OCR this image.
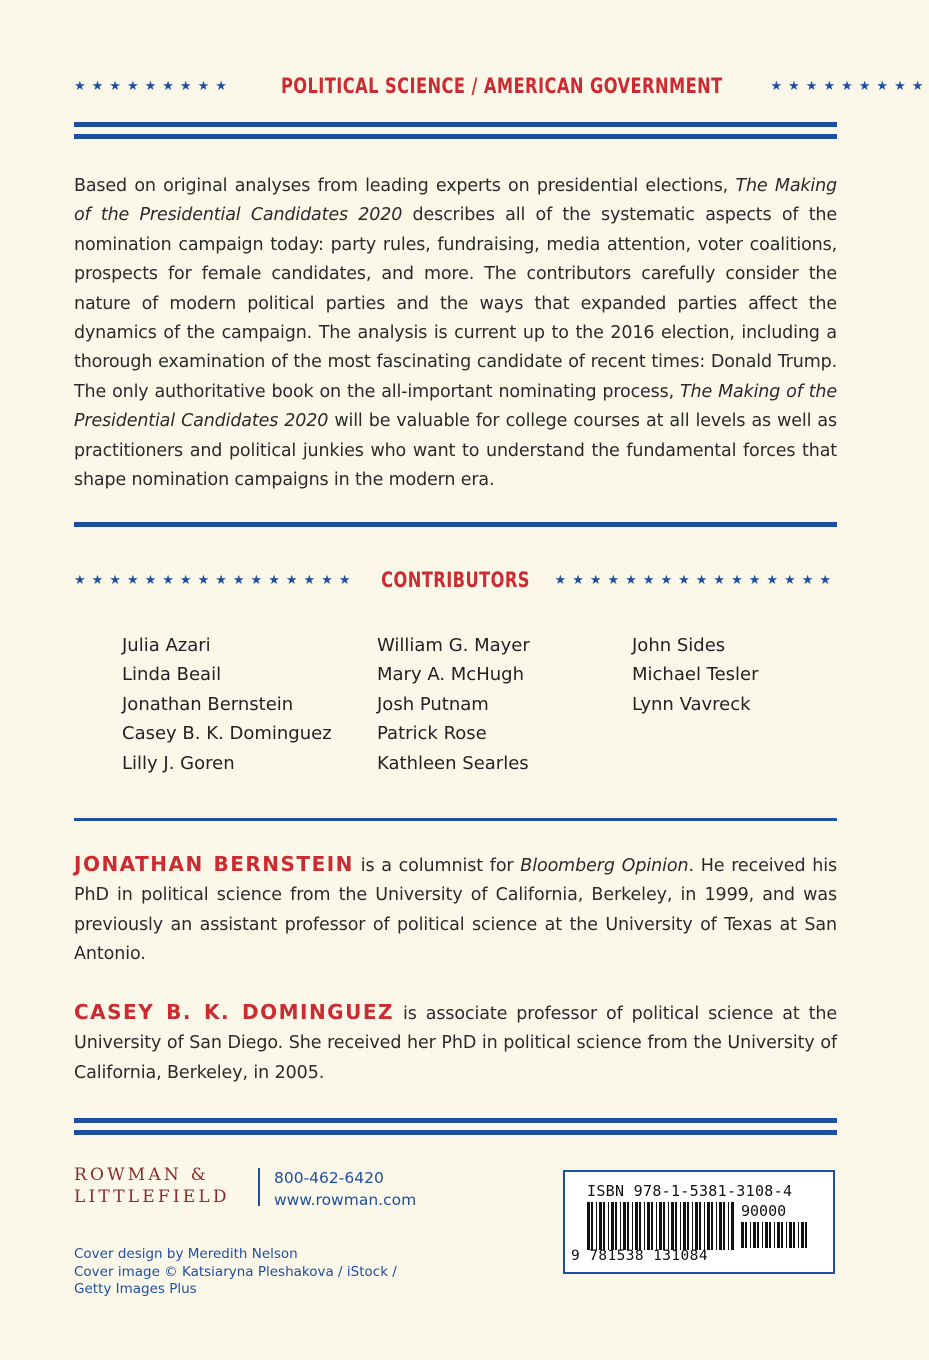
★★★★★★★★★	POLITICAL SCIENCE / AMERICAN GOVERNMENT	★★★★★★★★★
Based on original analyses from leading experts on presidential elections, The Making of the Presidential Candidates 2020 describes all of the systematic aspects of the nomination campaign today: party rules, fundraising, media attention, voter coalitions, prospects for female candidates, and more. The contributors carefully consider the nature of modern political parties and the ways that expanded parties affect the dynamics of the campaign. The analysis is current up to the 2016 election, including a thorough examination of the most fascinating candidate of recent times: Donald Trump. The only authoritative book on the all-important nominating process, The Making of the Presidential Candidates 2020 will be valuable for college courses at all levels as well as practitioners and political junkies who want to understand the fundamental forces that shape nomination campaigns in the modern era.
★★★★★★★★★★★★★★★★	CONTRIBUTORS	★★★★★★★★★★★★★★★★
Julia Azari
Linda Beail
Jonathan Bernstein
Casey B. K. Dominguez
Lilly J. Goren
William G. Mayer
Mary A. McHugh
Josh Putnam
Patrick Rose
Kathleen Searles
John Sides
Michael Tesler
Lynn Vavreck
JONATHAN BERNSTEIN is a columnist for Bloomberg Opinion. He received his PhD in political science from the University of California, Berkeley, in 1999, and was previously an assistant professor of political science at the University of Texas at San Antonio.
CASEY B. K. DOMINGUEZ is associate professor of political science at the University of San Diego. She received her PhD in political science from the University of California, Berkeley, in 2005.
ROWMAN &
LITTLEFIELD
800-462-6420
www.rowman.com
Cover design by Meredith Nelson
Cover image © Katsiaryna Pleshakova / iStock /
Getty Images Plus
ISBN 978-1-5381-3108-4
90000
9 781538 131084
